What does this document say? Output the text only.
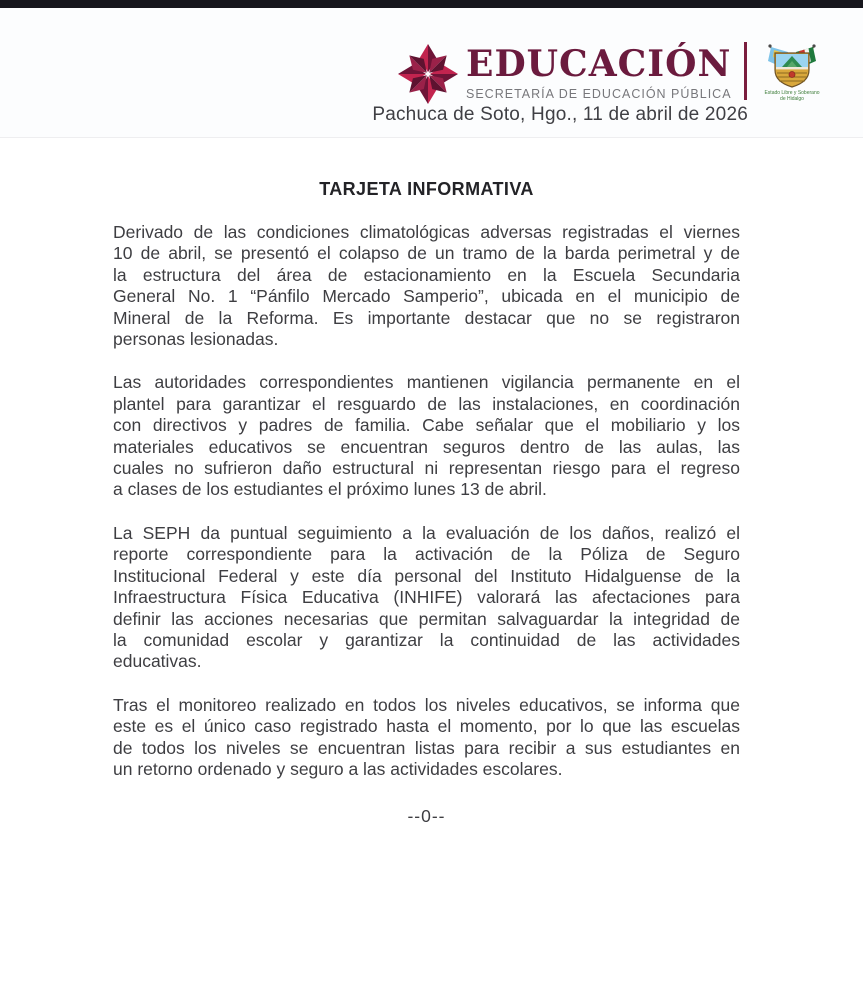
EDUCACIÓN
SECRETARÍA DE EDUCACIÓN PÚBLICA	Estado Libre y Soberano
de Hidalgo
Pachuca de Soto, Hgo., 11 de abril de 2026
TARJETA INFORMATIVA
Derivado de las condiciones climatológicas adversas registradas el viernes
10 de abril, se presentó el colapso de un tramo de la barda perimetral y de
la estructura del área de estacionamiento en la Escuela Secundaria
General No. 1 “Pánfilo Mercado Samperio”, ubicada en el municipio de
Mineral de la Reforma. Es importante destacar que no se registraron
personas lesionadas.
Las autoridades correspondientes mantienen vigilancia permanente en el
plantel para garantizar el resguardo de las instalaciones, en coordinación
con directivos y padres de familia. Cabe señalar que el mobiliario y los
materiales educativos se encuentran seguros dentro de las aulas, las
cuales no sufrieron daño estructural ni representan riesgo para el regreso
a clases de los estudiantes el próximo lunes 13 de abril.
La SEPH da puntual seguimiento a la evaluación de los daños, realizó el
reporte correspondiente para la activación de la Póliza de Seguro
Institucional Federal y este día personal del Instituto Hidalguense de la
Infraestructura Física Educativa (INHIFE) valorará las afectaciones para
definir las acciones necesarias que permitan salvaguardar la integridad de
la comunidad escolar y garantizar la continuidad de las actividades
educativas.
Tras el monitoreo realizado en todos los niveles educativos, se informa que
este es el único caso registrado hasta el momento, por lo que las escuelas
de todos los niveles se encuentran listas para recibir a sus estudiantes en
un retorno ordenado y seguro a las actividades escolares.

--0--
